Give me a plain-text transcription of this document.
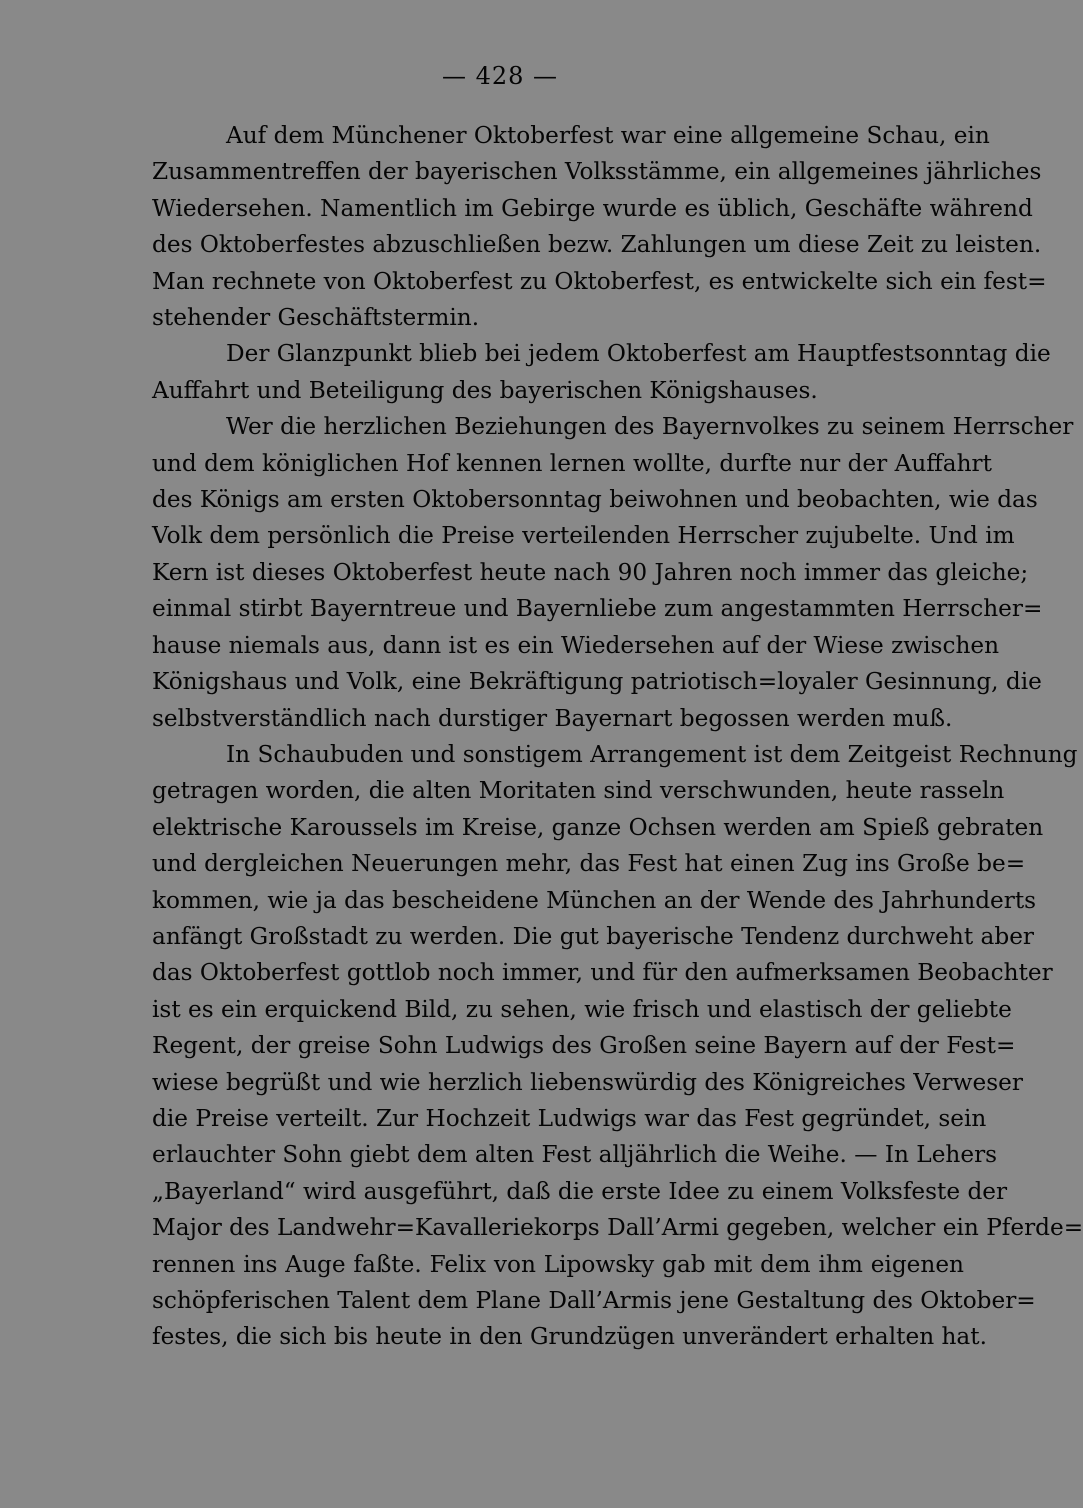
— 428 —
Auf dem Münchener Oktoberfest war eine allgemeine Schau, ein
Zusammentreffen der bayerischen Volksstämme, ein allgemeines jährliches
Wiedersehen. Namentlich im Gebirge wurde es üblich, Geschäfte während
des Oktoberfestes abzuschließen bezw. Zahlungen um diese Zeit zu leisten.
Man rechnete von Oktoberfest zu Oktoberfest, es entwickelte sich ein fest=
stehender Geschäftstermin.
Der Glanzpunkt blieb bei jedem Oktoberfest am Hauptfestsonntag die
Auffahrt und Beteiligung des bayerischen Königshauses.
Wer die herzlichen Beziehungen des Bayernvolkes zu seinem Herrscher
und dem königlichen Hof kennen lernen wollte, durfte nur der Auffahrt
des Königs am ersten Oktobersonntag beiwohnen und beobachten, wie das
Volk dem persönlich die Preise verteilenden Herrscher zujubelte. Und im
Kern ist dieses Oktoberfest heute nach 90 Jahren noch immer das gleiche;
einmal stirbt Bayerntreue und Bayernliebe zum angestammten Herrscher=
hause niemals aus, dann ist es ein Wiedersehen auf der Wiese zwischen
Königshaus und Volk, eine Bekräftigung patriotisch=loyaler Gesinnung, die
selbstverständlich nach durstiger Bayernart begossen werden muß.
In Schaubuden und sonstigem Arrangement ist dem Zeitgeist Rechnung
getragen worden, die alten Moritaten sind verschwunden, heute rasseln
elektrische Karoussels im Kreise, ganze Ochsen werden am Spieß gebraten
und dergleichen Neuerungen mehr, das Fest hat einen Zug ins Große be=
kommen, wie ja das bescheidene München an der Wende des Jahrhunderts
anfängt Großstadt zu werden. Die gut bayerische Tendenz durchweht aber
das Oktoberfest gottlob noch immer, und für den aufmerksamen Beobachter
ist es ein erquickend Bild, zu sehen, wie frisch und elastisch der geliebte
Regent, der greise Sohn Ludwigs des Großen seine Bayern auf der Fest=
wiese begrüßt und wie herzlich liebenswürdig des Königreiches Verweser
die Preise verteilt. Zur Hochzeit Ludwigs war das Fest gegründet, sein
erlauchter Sohn giebt dem alten Fest alljährlich die Weihe. — In Lehers
„Bayerland“ wird ausgeführt, daß die erste Idee zu einem Volksfeste der
Major des Landwehr=Kavalleriekorps Dall’Armi gegeben, welcher ein Pferde=
rennen ins Auge faßte. Felix von Lipowsky gab mit dem ihm eigenen
schöpferischen Talent dem Plane Dall’Armis jene Gestaltung des Oktober=
festes, die sich bis heute in den Grundzügen unverändert erhalten hat.
